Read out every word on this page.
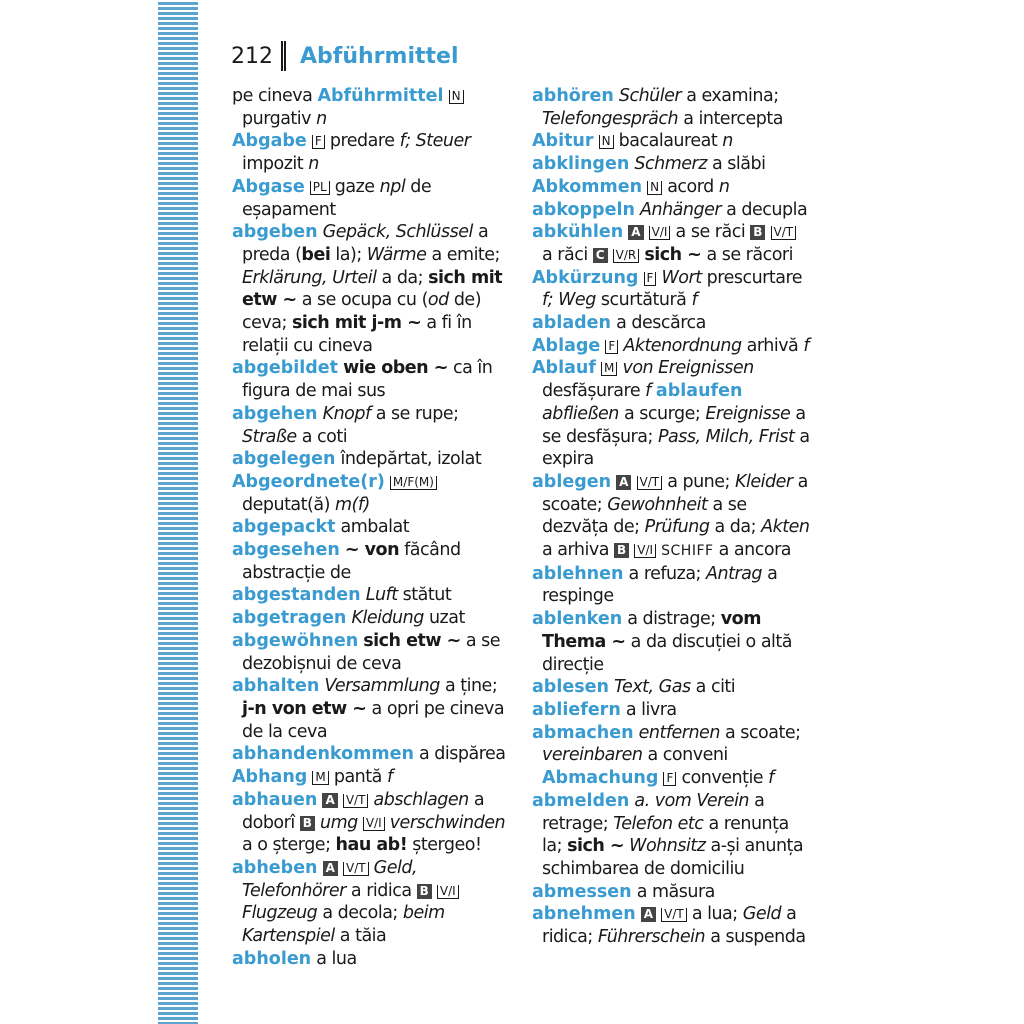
212 Abführmittel

pe cineva Abführmittel N purgativ n

Abgabe F predare f; Steuer impozit n

Abgase PL gaze npl de eșapament

abgeben Gepäck, Schlüssel a preda (bei la); Wärme a emite; Erklärung, Urteil a da; sich mit etw ~ a se ocupa cu (od de) ceva; sich mit j-m ~ a fi în relații cu cineva

abgebildet wie oben ~ ca în figura de mai sus

abgehen Knopf a se rupe; Straße a coti

abgelegen îndepărtat, izolat

Abgeordnete(r) M/F(M) deputat(ă) m(f)

abgepackt ambalat

abgesehen ~ von făcând abstracție de

abgestanden Luft stătut

abgetragen Kleidung uzat

abgewöhnen sich etw ~ a se dezobișnui de ceva

abhalten Versammlung a ține; j-n von etw ~ a opri pe cineva de la ceva

abhandenkommen a dispărea

Abhang M pantă f

abhauen A V/T abschlagen a doborî B umg V/I verschwinden a o șterge; hau ab! ștergeo!

abheben A V/T Geld, Telefonhörer a ridica B V/I Flugzeug a decola; beim Kartenspiel a tăia

abholen a lua

abhören Schüler a examina; Telefongespräch a intercepta

Abitur N bacalaureat n

abklingen Schmerz a slăbi

Abkommen N acord n

abkoppeln Anhänger a decupla

abkühlen A V/I a se răci B V/T a răci C V/R sich ~ a se răcori

Abkürzung F Wort prescurtare f; Weg scurtătură f

abladen a descărca

Ablage F Aktenordnung arhivă f

Ablauf M von Ereignissen desfășurare f ablaufen abfließen a scurge; Ereignisse a se desfășura; Pass, Milch, Frist a expira

ablegen A V/T a pune; Kleider a scoate; Gewohnheit a se dezvăța de; Prüfung a da; Akten a arhiva B V/I SCHIFF a ancora

ablehnen a refuza; Antrag a respinge

ablenken a distrage; vom Thema ~ a da discuției o altă direcție

ablesen Text, Gas a citi

abliefern a livra

abmachen entfernen a scoate; vereinbaren a conveni Abmachung F convenție f

abmelden a. vom Verein a retrage; Telefon etc a renunța la; sich ~ Wohnsitz a-și anunța schimbarea de domiciliu

abmessen a măsura

abnehmen A V/T a lua; Geld a ridica; Führerschein a suspenda
